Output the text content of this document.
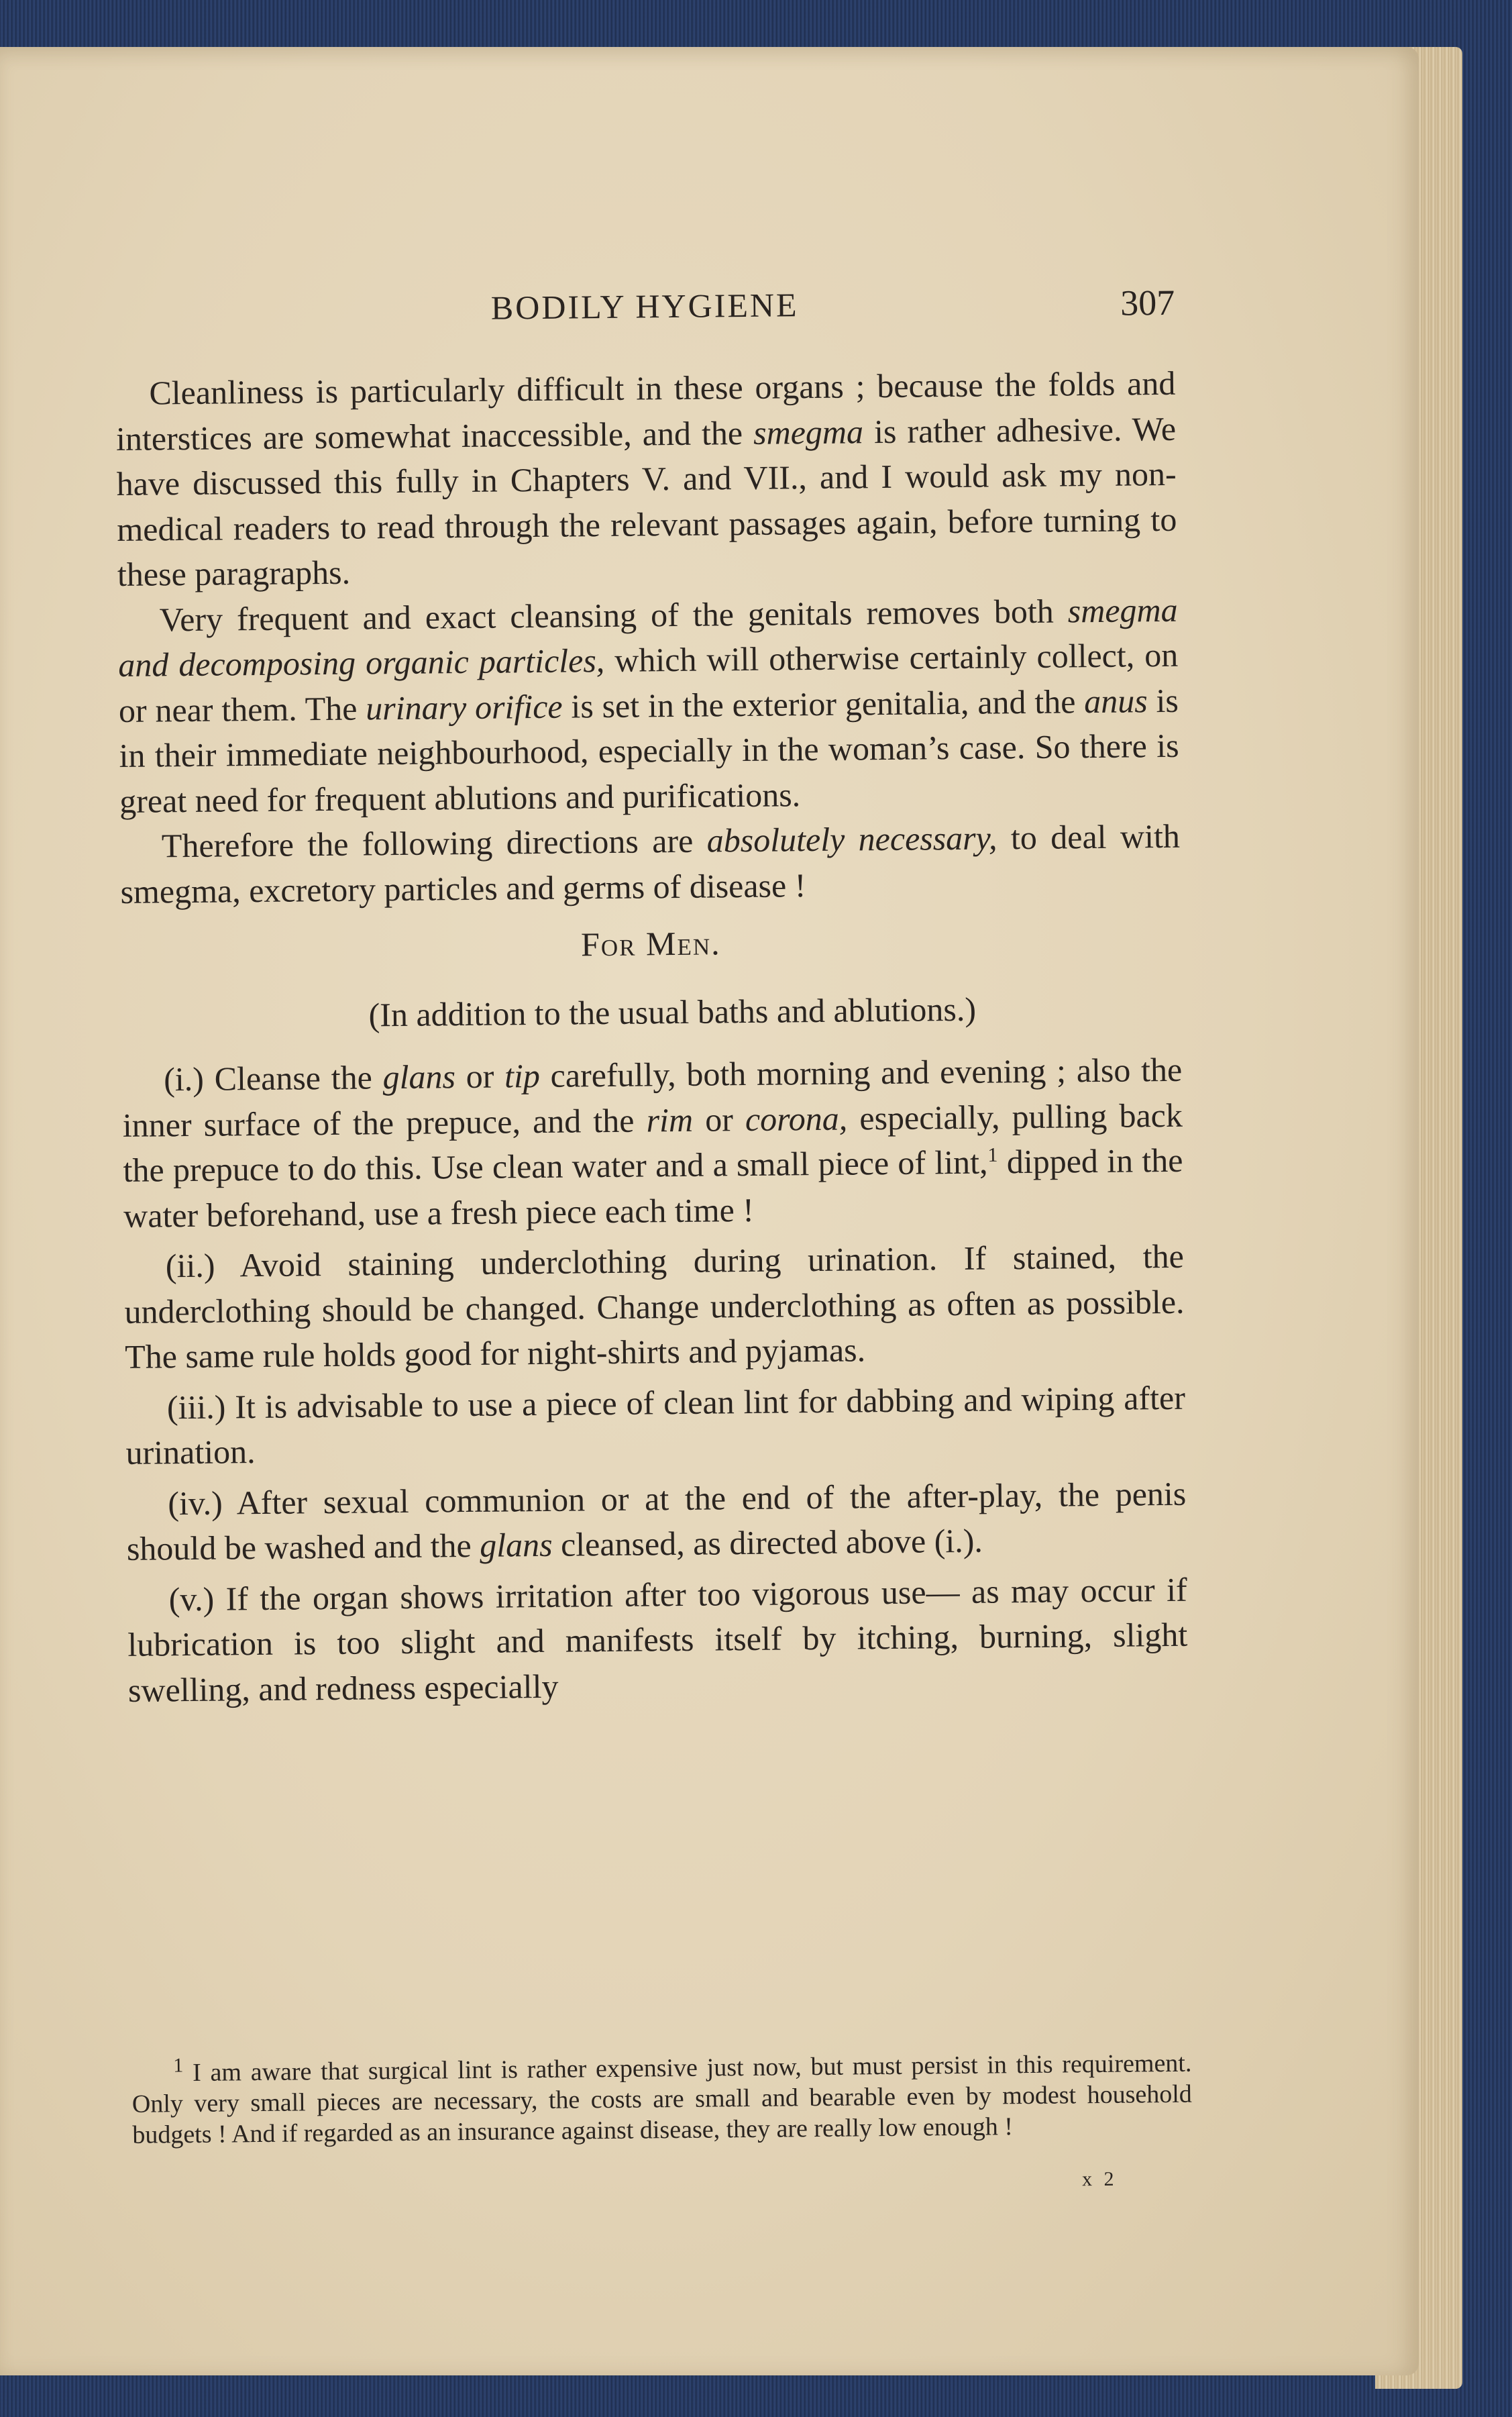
BODILY HYGIENE	307

Cleanliness is particularly difficult in these organs ; because the folds and interstices are somewhat inaccessible, and the smegma is rather adhesive. We have discussed this fully in Chapters V. and VII., and I would ask my non-medical readers to read through the relevant passages again, before turning to these paragraphs.

Very frequent and exact cleansing of the genitals removes both smegma and decomposing organic particles, which will otherwise certainly collect, on or near them. The urinary orifice is set in the exterior genitalia, and the anus is in their immediate neighbourhood, especially in the woman’s case. So there is great need for frequent ablutions and purifications.

Therefore the following directions are absolutely necessary, to deal with smegma, excretory particles and germs of disease !

For Men.

(In addition to the usual baths and ablutions.)

(i.) Cleanse the glans or tip carefully, both morning and evening ; also the inner surface of the prepuce, and the rim or corona, especially, pulling back the prepuce to do this. Use clean water and a small piece of lint,$^1$ dipped in the water beforehand, use a fresh piece each time !

(ii.) Avoid staining underclothing during urination. If stained, the underclothing should be changed. Change underclothing as often as possible. The same rule holds good for night-shirts and pyjamas.

(iii.) It is advisable to use a piece of clean lint for dabbing and wiping after urination.

(iv.) After sexual communion or at the end of the after-play, the penis should be washed and the glans cleansed, as directed above (i.).

(v.) If the organ shows irritation after too vigorous use— as may occur if lubrication is too slight and manifests itself by itching, burning, slight swelling, and redness especially

$^1$ I am aware that surgical lint is rather expensive just now, but must persist in this requirement. Only very small pieces are necessary, the costs are small and bearable even by modest household budgets ! And if regarded as an insurance against disease, they are really low enough !

x 2
